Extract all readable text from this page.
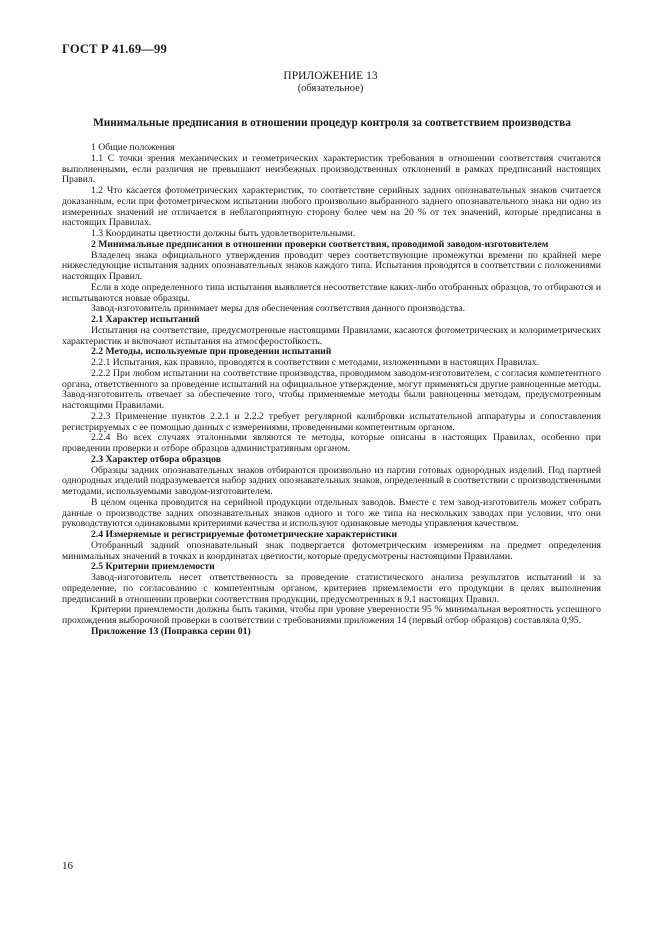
ГОСТ Р 41.69—99
ПРИЛОЖЕНИЕ 13
(обязательное)
Минимальные предписания в отношении процедур контроля за соответствием производства

1 Общие положения

1.1 С точки зрения механических и геометрических характеристик требования в отношении соответствия считаются выполненными, если различия не превышают неизбежных производственных отклонений в рамках предписаний настоящих Правил.

1.2 Что касается фотометрических характеристик, то соответствие серийных задних опознавательных знаков считается доказанным, если при фотометрическом испытании любого произвольно выбранного заднего опознавательного знака ни одно из измеренных значений не отличается в неблагоприятную сторону более чем на 20 % от тех значений, которые предписаны в настоящих Правилах.

1.3 Координаты цветности должны быть удовлетворительными.

2 Минимальные предписания в отношении проверки соответствия, проводимой заводом-изготовителем

Владелец знака официального утверждения проводит через соответствующие промежутки времени по крайней мере нижеследующие испытания задних опознавательных знаков каждого типа. Испытания проводятся в соответствии с положениями настоящих Правил.

Если в ходе определенного типа испытания выявляется несоответствие каких-либо отобранных образцов, то отбираются и испытываются новые образцы.

Завод-изготовитель принимает меры для обеспечения соответствия данного производства.

2.1 Характер испытаний

Испытания на соответствие, предусмотренные настоящими Правилами, касаются фотометрических и колориметрических характеристик и включают испытания на атмосферостойкость.

2.2 Методы, используемые при проведении испытаний

2.2.1 Испытания, как правило, проводятся в соответствии с методами, изложенными в настоящих Правилах.

2.2.2 При любом испытании на соответствие производства, проводимом заводом-изготовителем, с согласия компетентного органа, ответственного за проведение испытаний на официальное утверждение, могут применяться другие равноценные методы. Завод-изготовитель отвечает за обеспечение того, чтобы применяемые методы были равноценны методам, предусмотренным настоящими Правилами.

2.2.3 Применение пунктов 2.2.1 и 2.2.2 требует регулярной калибровки испытательной аппаратуры и сопоставления регистрируемых с ее помощью данных с измерениями, проведенными компетентным органом.

2.2.4 Во всех случаях эталонными являются те методы, которые описаны в настоящих Правилах, особенно при проведении проверки и отборе образцов административным органом.

2.3 Характер отбора образцов

Образцы задних опознавательных знаков отбираются произвольно из партии готовых однородных изделий. Под партией однородных изделий подразумевается набор задних опознавательных знаков, определенный в соответствии с производственными методами, используемыми заводом-изготовителем.

В целом оценка проводится на серийной продукции отдельных заводов. Вместе с тем завод-изготовитель может собрать данные о производстве задних опознавательных знаков одного и того же типа на нескольких заводах при условии, что они руководствуются одинаковыми критериями качества и используют одинаковые методы управления качеством.

2.4 Измеряемые и регистрируемые фотометрические характеристики

Отобранный задний опознавательный знак подвергается фотометрическим измерениям на предмет определения минимальных значений в точках и координатах цветности, которые предусмотрены настоящими Правилами.

2.5 Критерии приемлемости

Завод-изготовитель несет ответственность за проведение статистического анализа результатов испытаний и за определение, по согласованию с компетентным органом, критериев приемлемости его продукции в целях выполнения предписаний в отношении проверки соответствия продукции, предусмотренных в 9.1 настоящих Правил.

Критерии приемлемости должны быть такими, чтобы при уровне уверенности 95 % минимальная вероятность успешного прохождения выборочной проверки в соответствии с требованиями приложения 14 (первый отбор образцов) составляла 0,95.

Приложение 13 (Поправка серии 01)

16
